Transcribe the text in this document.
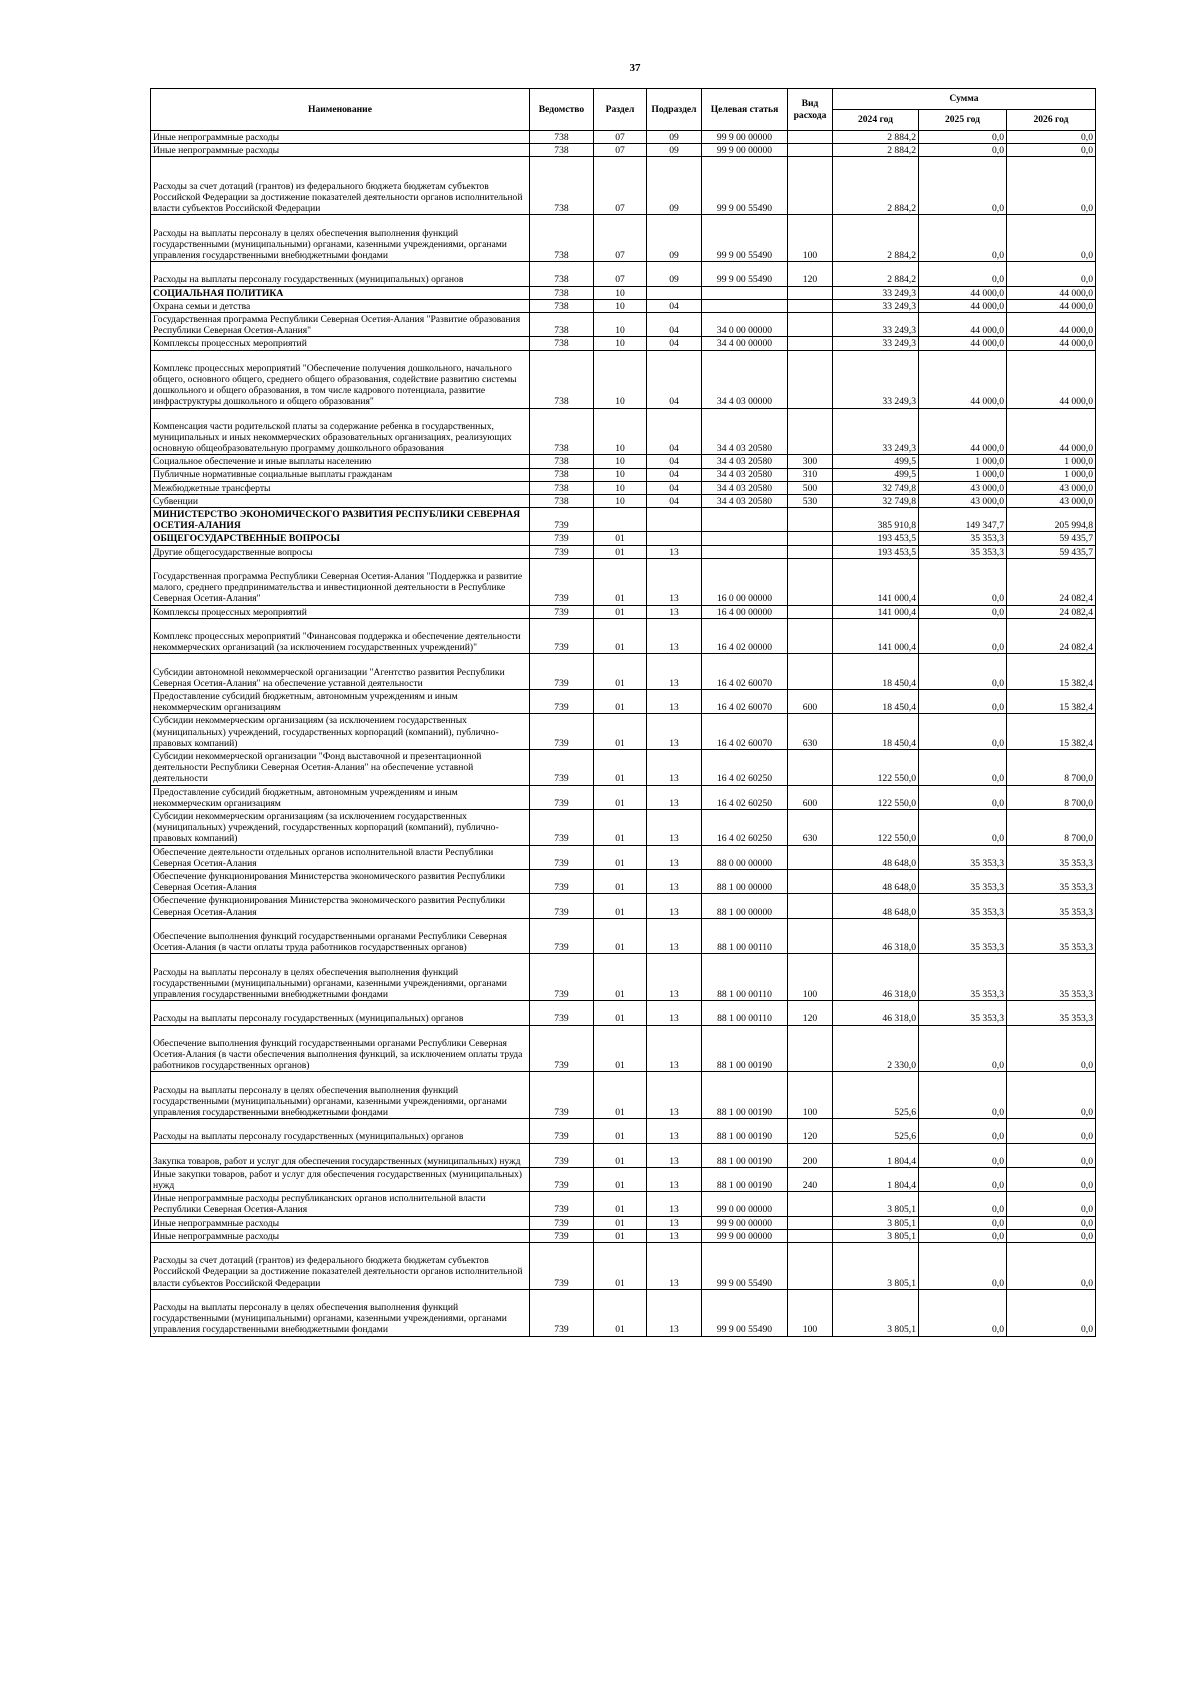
37
Наименование	Ведомство	Раздел	Подраздел	Целевая статья	Вид расхода	Сумма		
						2024 год	2025 год	2026 год
Иные непрограммные расходы	738	07	09	99 9 00 00000		2 884,2	0,0	0,0
Иные непрограммные расходы	738	07	09	99 9 00 00000		2 884,2	0,0	0,0
Расходы за счет дотаций (грантов) из федерального бюджета бюджетам субъектов Российской Федерации за достижение показателей деятельности органов исполнительной власти субъектов Российской Федерации	738	07	09	99 9 00 55490		2 884,2	0,0	0,0
Расходы на выплаты персоналу в целях обеспечения выполнения функций государственными (муниципальными) органами, казенными учреждениями, органами управления государственными внебюджетными фондами	738	07	09	99 9 00 55490	100	2 884,2	0,0	0,0
Расходы на выплаты персоналу государственных (муниципальных) органов	738	07	09	99 9 00 55490	120	2 884,2	0,0	0,0
СОЦИАЛЬНАЯ ПОЛИТИКА	738	10				33 249,3	44 000,0	44 000,0
Охрана семьи и детства	738	10	04			33 249,3	44 000,0	44 000,0
Государственная программа Республики Северная Осетия-Алания "Развитие образования Республики Северная Осетия-Алания"	738	10	04	34 0 00 00000		33 249,3	44 000,0	44 000,0
Комплексы процессных мероприятий	738	10	04	34 4 00 00000		33 249,3	44 000,0	44 000,0
Комплекс процессных мероприятий "Обеспечение получения дошкольного, начального общего, основного общего, среднего общего образования, содействие развитию системы дошкольного и общего образования, в том числе кадрового потенциала, развитие инфраструктуры дошкольного и общего образования"	738	10	04	34 4 03 00000		33 249,3	44 000,0	44 000,0
Компенсация части родительской платы за содержание ребенка в государственных, муниципальных и иных некоммерческих образовательных организациях, реализующих основную общеобразовательную программу дошкольного образования	738	10	04	34 4 03 20580		33 249,3	44 000,0	44 000,0
Социальное обеспечение и иные выплаты населению	738	10	04	34 4 03 20580	300	499,5	1 000,0	1 000,0
Публичные нормативные социальные выплаты гражданам	738	10	04	34 4 03 20580	310	499,5	1 000,0	1 000,0
Межбюджетные трансферты	738	10	04	34 4 03 20580	500	32 749,8	43 000,0	43 000,0
Субвенции	738	10	04	34 4 03 20580	530	32 749,8	43 000,0	43 000,0
МИНИСТЕРСТВО ЭКОНОМИЧЕСКОГО РАЗВИТИЯ РЕСПУБЛИКИ СЕВЕРНАЯ ОСЕТИЯ-АЛАНИЯ	739					385 910,8	149 347,7	205 994,8
ОБЩЕГОСУДАРСТВЕННЫЕ ВОПРОСЫ	739	01				193 453,5	35 353,3	59 435,7
Другие общегосударственные вопросы	739	01	13			193 453,5	35 353,3	59 435,7
Государственная программа Республики Северная Осетия-Алания "Поддержка и развитие малого, среднего предпринимательства и инвестиционной деятельности в Республике Северная Осетия-Алания"	739	01	13	16 0 00 00000		141 000,4	0,0	24 082,4
Комплексы процессных мероприятий	739	01	13	16 4 00 00000		141 000,4	0,0	24 082,4
Комплекс процессных мероприятий "Финансовая поддержка и обеспечение деятельности некоммерческих организаций (за исключением государственных учреждений)"	739	01	13	16 4 02 00000		141 000,4	0,0	24 082,4
Субсидии автономной некоммерческой организации "Агентство развития Республики Северная Осетия-Алания" на обеспечение уставной деятельности	739	01	13	16 4 02 60070		18 450,4	0,0	15 382,4
Предоставление субсидий бюджетным, автономным учреждениям и иным некоммерческим организациям	739	01	13	16 4 02 60070	600	18 450,4	0,0	15 382,4
Субсидии некоммерческим организациям (за исключением государственных (муниципальных) учреждений, государственных корпораций (компаний), публично-правовых компаний)	739	01	13	16 4 02 60070	630	18 450,4	0,0	15 382,4
Субсидии некоммерческой организации "Фонд выставочной и презентационной деятельности Республики Северная Осетия-Алания" на обеспечение уставной деятельности	739	01	13	16 4 02 60250		122 550,0	0,0	8 700,0
Предоставление субсидий бюджетным, автономным учреждениям и иным некоммерческим организациям	739	01	13	16 4 02 60250	600	122 550,0	0,0	8 700,0
Субсидии некоммерческим организациям (за исключением государственных (муниципальных) учреждений, государственных корпораций (компаний), публично-правовых компаний)	739	01	13	16 4 02 60250	630	122 550,0	0,0	8 700,0
Обеспечение деятельности отдельных органов исполнительной власти Республики Северная Осетия-Алания	739	01	13	88 0 00 00000		48 648,0	35 353,3	35 353,3
Обеспечение функционирования Министерства экономического развития Республики Северная Осетия-Алания	739	01	13	88 1 00 00000		48 648,0	35 353,3	35 353,3
Обеспечение функционирования Министерства экономического развития Республики Северная Осетия-Алания	739	01	13	88 1 00 00000		48 648,0	35 353,3	35 353,3
Обеспечение выполнения функций государственными органами Республики Северная Осетия-Алания (в части оплаты труда работников государственных органов)	739	01	13	88 1 00 00110		46 318,0	35 353,3	35 353,3
Расходы на выплаты персоналу в целях обеспечения выполнения функций государственными (муниципальными) органами, казенными учреждениями, органами управления государственными внебюджетными фондами	739	01	13	88 1 00 00110	100	46 318,0	35 353,3	35 353,3
Расходы на выплаты персоналу государственных (муниципальных) органов	739	01	13	88 1 00 00110	120	46 318,0	35 353,3	35 353,3
Обеспечение выполнения функций государственными органами Республики Северная Осетия-Алания (в части обеспечения выполнения функций, за исключением оплаты труда работников государственных органов)	739	01	13	88 1 00 00190		2 330,0	0,0	0,0
Расходы на выплаты персоналу в целях обеспечения выполнения функций государственными (муниципальными) органами, казенными учреждениями, органами управления государственными внебюджетными фондами	739	01	13	88 1 00 00190	100	525,6	0,0	0,0
Расходы на выплаты персоналу государственных (муниципальных) органов	739	01	13	88 1 00 00190	120	525,6	0,0	0,0
Закупка товаров, работ и услуг для обеспечения государственных (муниципальных) нужд	739	01	13	88 1 00 00190	200	1 804,4	0,0	0,0
Иные закупки товаров, работ и услуг для обеспечения государственных (муниципальных) нужд	739	01	13	88 1 00 00190	240	1 804,4	0,0	0,0
Иные непрограммные расходы республиканских органов исполнительной власти Республики Северная Осетия-Алания	739	01	13	99 0 00 00000		3 805,1	0,0	0,0
Иные непрограммные расходы	739	01	13	99 9 00 00000		3 805,1	0,0	0,0
Иные непрограммные расходы	739	01	13	99 9 00 00000		3 805,1	0,0	0,0
Расходы за счет дотаций (грантов) из федерального бюджета бюджетам субъектов Российской Федерации за достижение показателей деятельности органов исполнительной власти субъектов Российской Федерации	739	01	13	99 9 00 55490		3 805,1	0,0	0,0
Расходы на выплаты персоналу в целях обеспечения выполнения функций государственными (муниципальными) органами, казенными учреждениями, органами управления государственными внебюджетными фондами	739	01	13	99 9 00 55490	100	3 805,1	0,0	0,0
